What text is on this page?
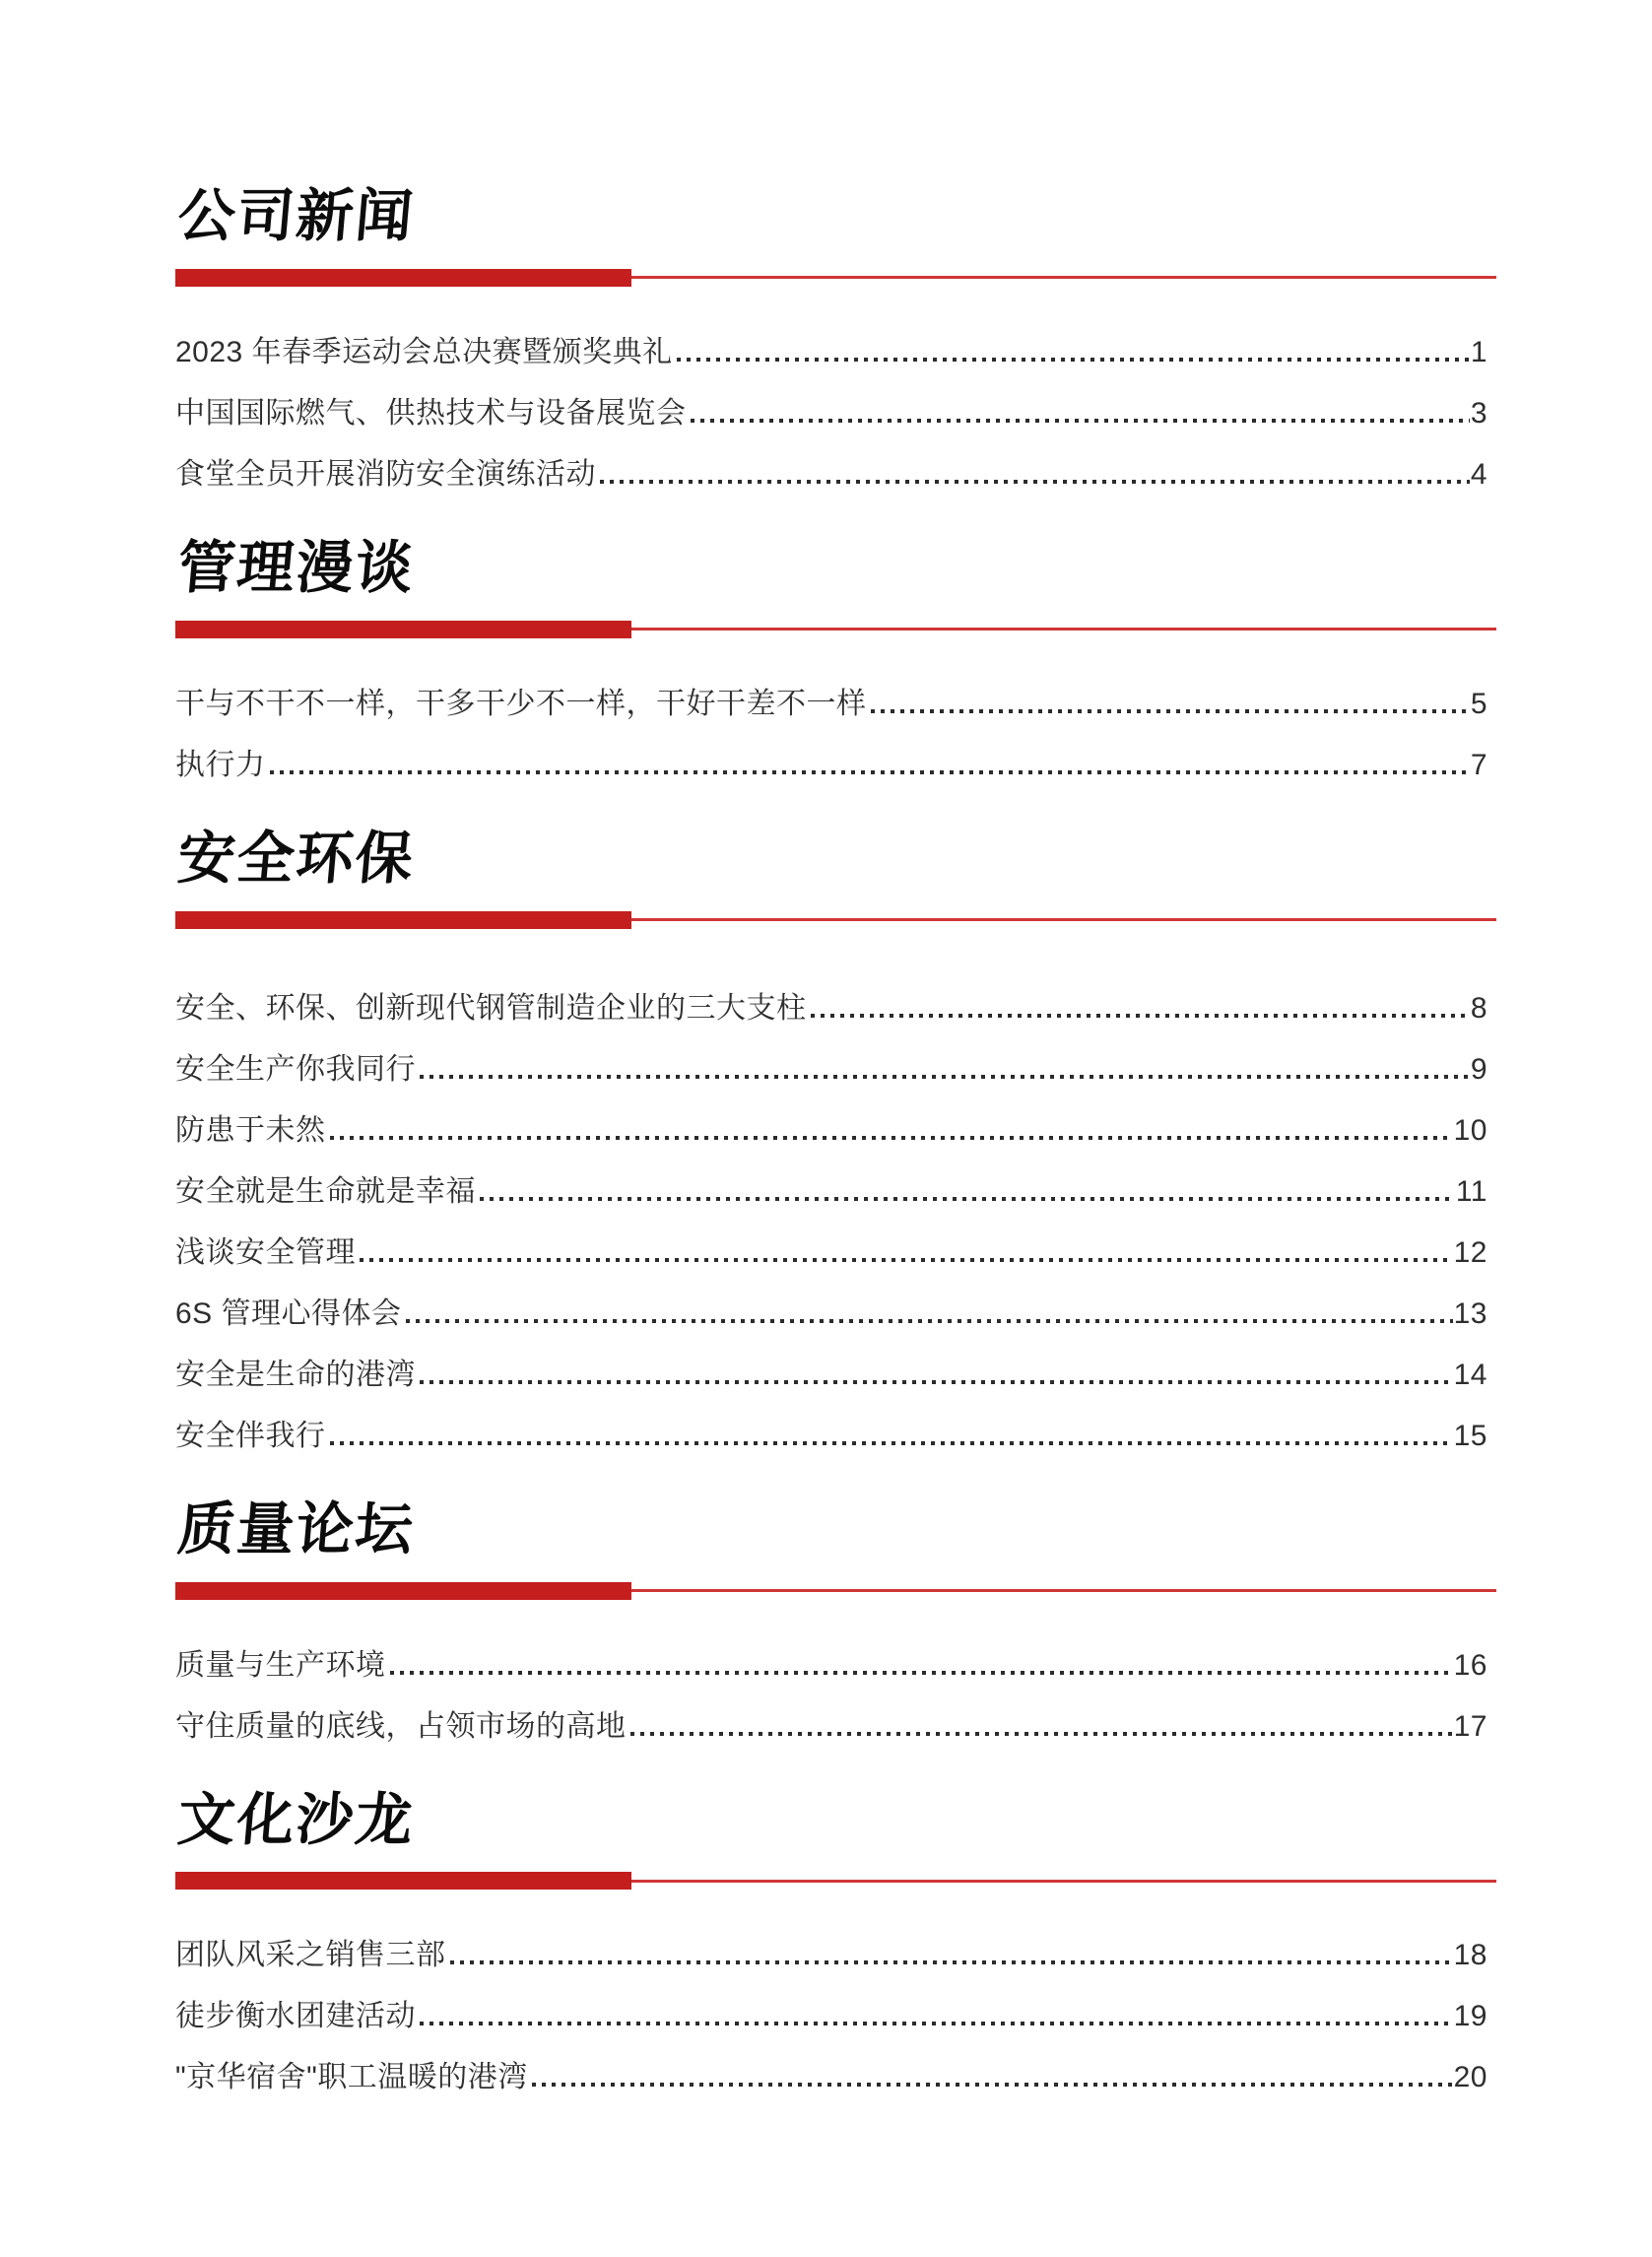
公司新闻
2023 年春季运动会总决赛暨颁奖典礼	1
中国国际燃气、供热技术与设备展览会	3
食堂全员开展消防安全演练活动	4
管理漫谈
干与不干不一样，干多干少不一样，干好干差不一样	5
执行力	7
安全环保
安全、环保、创新现代钢管制造企业的三大支柱	8
安全生产你我同行	9
防患于未然	10
安全就是生命就是幸福	11
浅谈安全管理	12
6S 管理心得体会	13
安全是生命的港湾	14
安全伴我行	15
质量论坛
质量与生产环境	16
守住质量的底线，占领市场的高地	17
文化沙龙
团队风采之销售三部	18
徒步衡水团建活动	19
"京华宿舍"职工温暖的港湾	20
